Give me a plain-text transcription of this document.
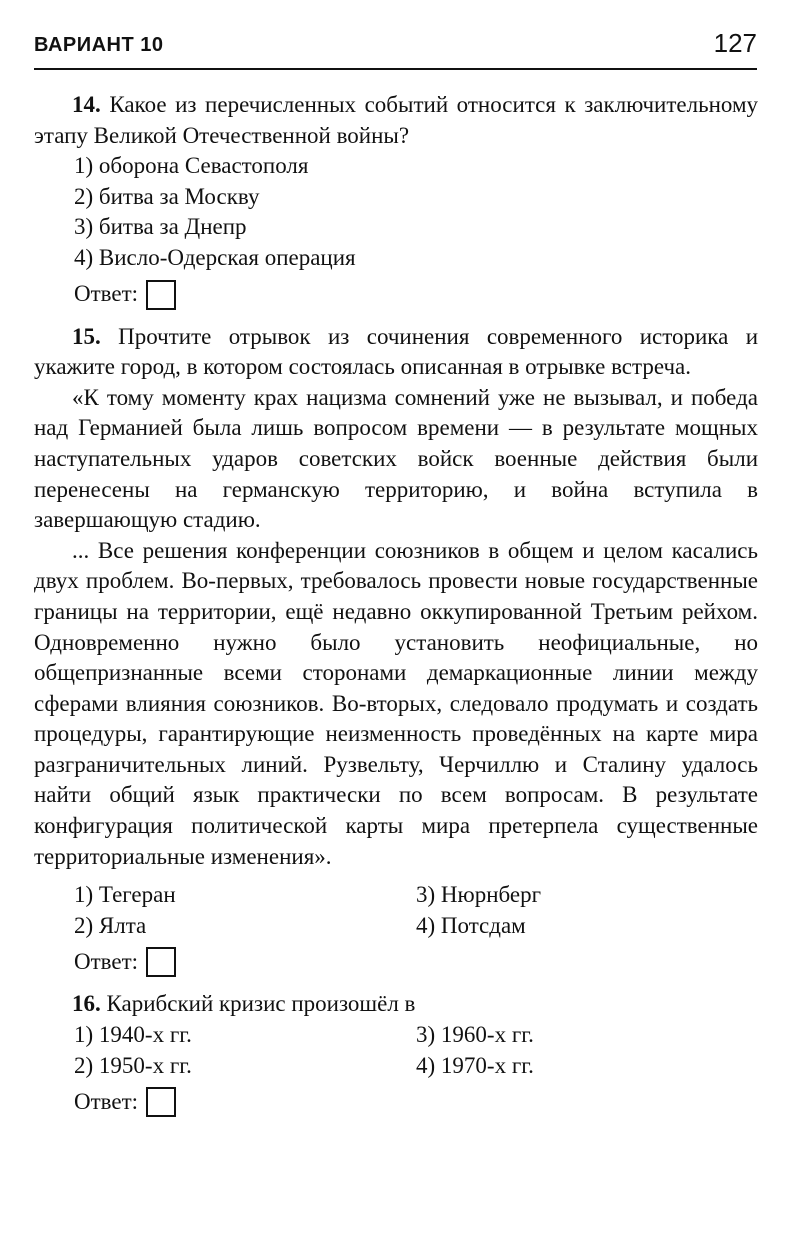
ВАРИАНТ 10	127

14. Какое из перечисленных событий относится к заключительному этапу Великой Отечественной войны?

1) оборона Севастополя

2) битва за Москву

3) битва за Днепр

4) Висло-Одерская операция

Ответ:

15. Прочтите отрывок из сочинения современного историка и укажите город, в котором состоялась описанная в отрывке встреча.

«К тому моменту крах нацизма сомнений уже не вызывал, и победа над Германией была лишь вопросом времени — в результате мощных наступательных ударов советских войск военные действия были перенесены на германскую территорию, и война вступила в завершающую стадию.

... Все решения конференции союзников в общем и целом касались двух проблем. Во-первых, требовалось провести новые государственные границы на территории, ещё недавно оккупированной Третьим рейхом. Одновременно нужно было установить неофициальные, но общепризнанные всеми сторонами демаркационные линии между сферами влияния союзников. Во-вторых, следовало продумать и создать процедуры, гарантирующие неизменность проведённых на карте мира разграничительных линий. Рузвельту, Черчиллю и Сталину удалось найти общий язык практически по всем вопросам. В результате конфигурация политической карты мира претерпела существенные территориальные изменения».

1) Тегеран	3) Нюрнберг
2) Ялта	4) Потсдам
Ответ:

16. Карибский кризис произошёл в

1) 1940-х гг.	3) 1960-х гг.
2) 1950-х гг.	4) 1970-х гг.
Ответ:
